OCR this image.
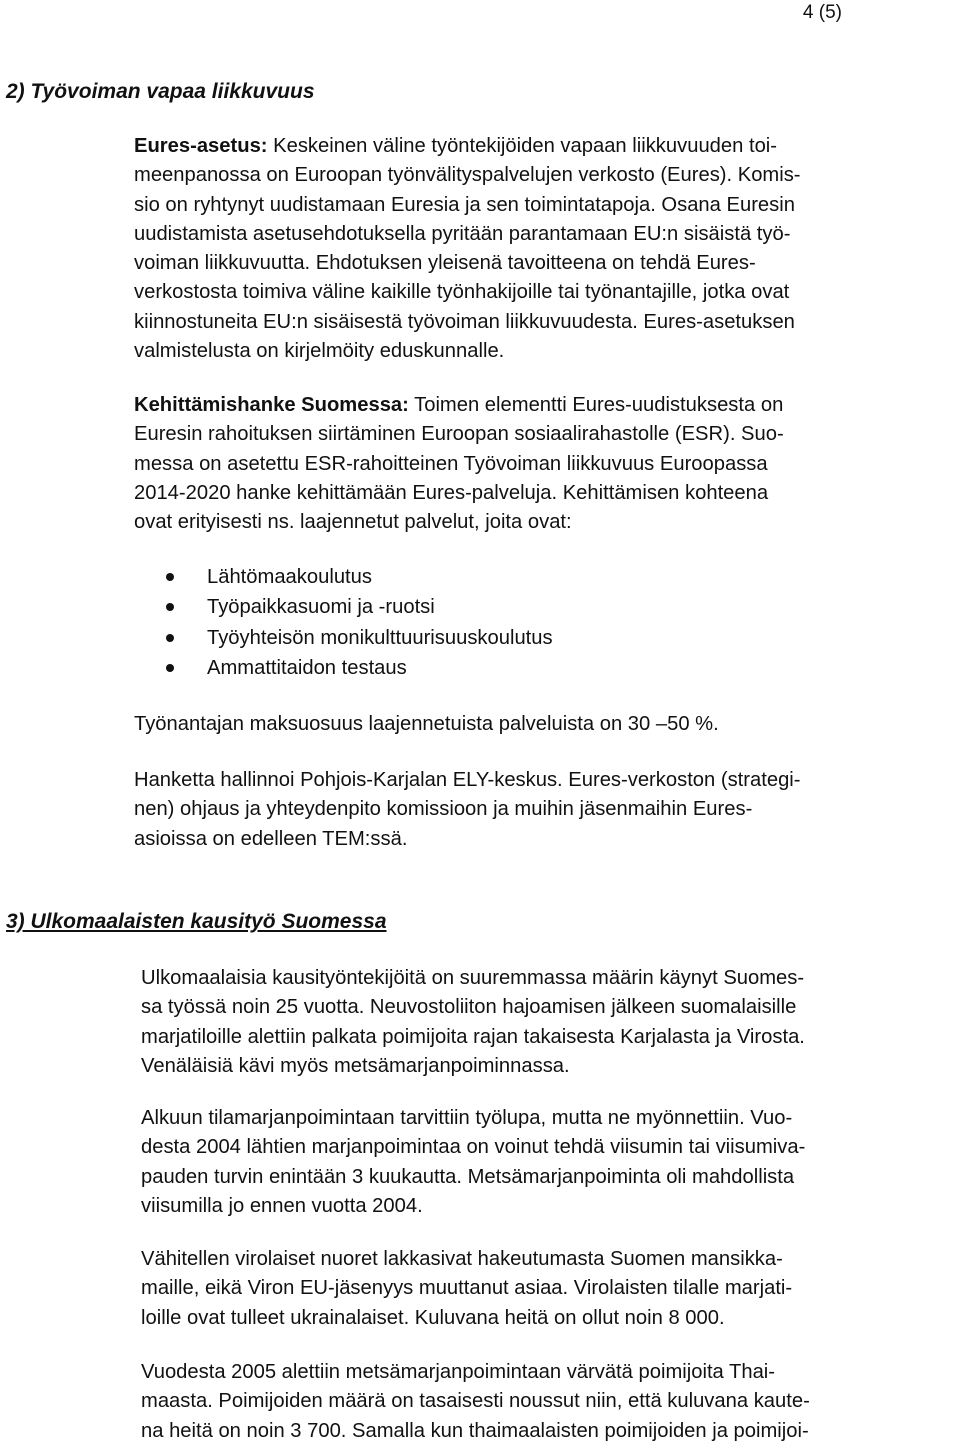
4 (5)
2) Työvoiman vapaa liikkuvuus

Eures-asetus: Keskeinen väline työntekijöiden vapaan liikkuvuuden toi-
meenpanossa on Euroopan työnvälityspalvelujen verkosto (Eures). Komis-
sio on ryhtynyt uudistamaan Euresia ja sen toimintatapoja. Osana Euresin
uudistamista asetusehdotuksella pyritään parantamaan EU:n sisäistä työ-
voiman liikkuvuutta. Ehdotuksen yleisenä tavoitteena on tehdä Eures-
verkostosta toimiva väline kaikille työnhakijoille tai työnantajille, jotka ovat
kiinnostuneita EU:n sisäisestä työvoiman liikkuvuudesta. Eures-asetuksen
valmistelusta on kirjelmöity eduskunnalle.

Kehittämishanke Suomessa: Toimen elementti Eures-uudistuksesta on
Euresin rahoituksen siirtäminen Euroopan sosiaalirahastolle (ESR). Suo-
messa on asetettu ESR-rahoitteinen Työvoiman liikkuvuus Euroopassa
2014-2020 hanke kehittämään Eures-palveluja. Kehittämisen kohteena
ovat erityisesti ns. laajennetut palvelut, joita ovat:

Lähtömaakoulutus
Työpaikkasuomi ja -ruotsi
Työyhteisön monikulttuurisuuskoulutus
Ammattitaidon testaus

Työnantajan maksuosuus laajennetuista palveluista on 30 –50 %.

Hanketta hallinnoi Pohjois-Karjalan ELY-keskus. Eures-verkoston (strategi-
nen) ohjaus ja yhteydenpito komissioon ja muihin jäsenmaihin Eures-
asioissa on edelleen TEM:ssä.

3) Ulkomaalaisten kausityö Suomessa

Ulkomaalaisia kausityöntekijöitä on suuremmassa määrin käynyt Suomes-
sa työssä noin 25 vuotta. Neuvostoliiton hajoamisen jälkeen suomalaisille
marjatiloille alettiin palkata poimijoita rajan takaisesta Karjalasta ja Virosta.
Venäläisiä kävi myös metsämarjanpoiminnassa.

Alkuun tilamarjanpoimintaan tarvittiin työlupa, mutta ne myönnettiin. Vuo-
desta 2004 lähtien marjanpoimintaa on voinut tehdä viisumin tai viisumiva-
pauden turvin enintään 3 kuukautta. Metsämarjanpoiminta oli mahdollista
viisumilla jo ennen vuotta 2004.

Vähitellen virolaiset nuoret lakkasivat hakeutumasta Suomen mansikka-
maille, eikä Viron EU-jäsenyys muuttanut asiaa. Virolaisten tilalle marjati-
loille ovat tulleet ukrainalaiset. Kuluvana heitä on ollut noin 8 000.

Vuodesta 2005 alettiin metsämarjanpoimintaan värvätä poimijoita Thai-
maasta. Poimijoiden määrä on tasaisesti noussut niin, että kuluvana kaute-
na heitä on noin 3 700. Samalla kun thaimaalaisten poimijoiden ja poimijoi-
